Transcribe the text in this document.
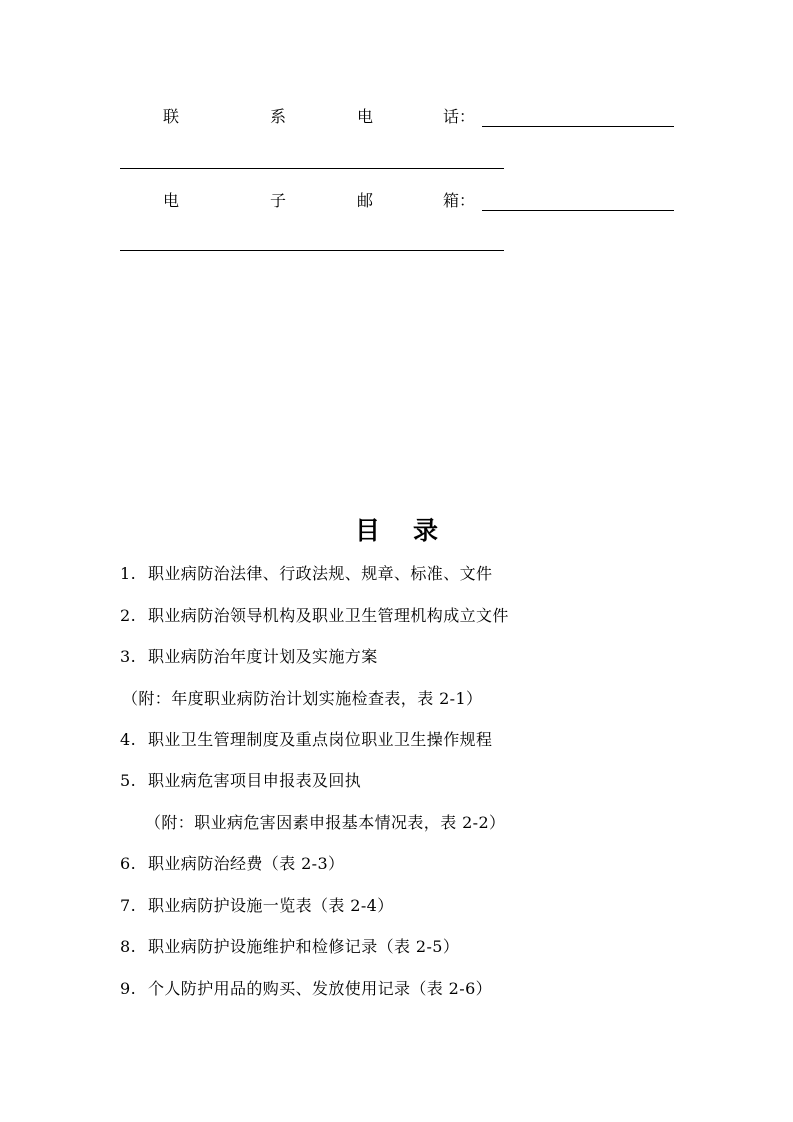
联	系	电	话：
电	子	邮	箱：
目 录
1. 职业病防治法律、行政法规、规章、标准、文件
2. 职业病防治领导机构及职业卫生管理机构成立文件
3. 职业病防治年度计划及实施方案
（附：年度职业病防治计划实施检查表，表 2-1）
4. 职业卫生管理制度及重点岗位职业卫生操作规程
5. 职业病危害项目申报表及回执
（附：职业病危害因素申报基本情况表，表 2-2）
6. 职业病防治经费（表 2-3）
7. 职业病防护设施一览表（表 2-4）
8. 职业病防护设施维护和检修记录（表 2-5）
9. 个人防护用品的购买、发放使用记录（表 2-6）
